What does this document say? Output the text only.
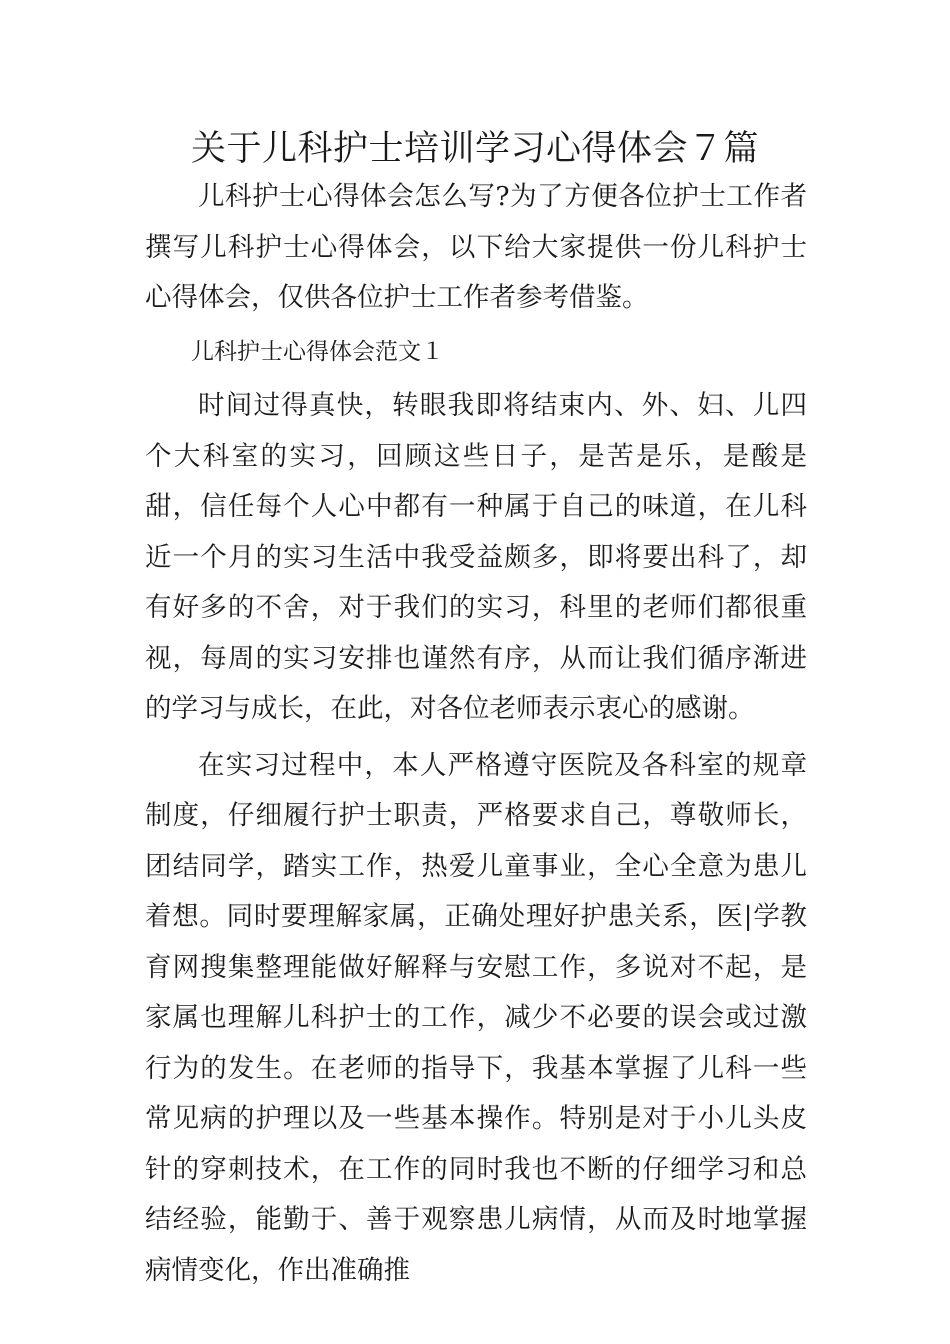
关于儿科护士培训学习心得体会７篇

儿科护士心得体会怎么写?为了方便各位护士工作者撰写儿科护士心得体会，以下给大家提供一份儿科护士心得体会，仅供各位护士工作者参考借鉴。

儿科护士心得体会范文１

时间过得真快，转眼我即将结束内、外、妇、儿四个大科室的实习，回顾这些日子，是苦是乐，是酸是甜，信任每个人心中都有一种属于自己的味道，在儿科近一个月的实习生活中我受益颇多，即将要出科了，却有好多的不舍，对于我们的实习，科里的老师们都很重视，每周的实习安排也谨然有序，从而让我们循序渐进的学习与成长，在此，对各位老师表示衷心的感谢。

在实习过程中，本人严格遵守医院及各科室的规章制度，仔细履行护士职责，严格要求自己，尊敬师长，团结同学，踏实工作，热爱儿童事业，全心全意为患儿着想。同时要理解家属，正确处理好护患关系，医|学教育网搜集整理能做好解释与安慰工作，多说对不起，是家属也理解儿科护士的工作，减少不必要的误会或过激行为的发生。在老师的指导下，我基本掌握了儿科一些常见病的护理以及一些基本操作。特别是对于小儿头皮针的穿刺技术，在工作的同时我也不断的仔细学习和总结经验，能勤于、善于观察患儿病情，从而及时地掌握病情变化，作出准确推
